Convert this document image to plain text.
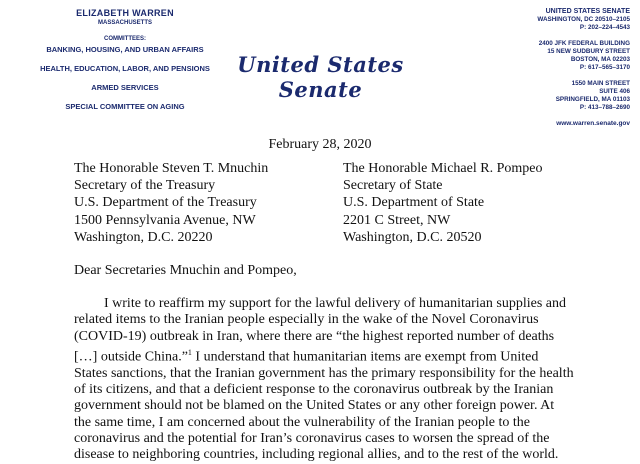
ELIZABETH WARREN
MASSACHUSETTS
COMMITTEES:
BANKING, HOUSING, AND URBAN AFFAIRS
HEALTH, EDUCATION, LABOR, AND PENSIONS
ARMED SERVICES
SPECIAL COMMITTEE ON AGING
United States Senate
UNITED STATES SENATE
WASHINGTON, DC 20510–2105
P: 202–224–4543
2400 JFK FEDERAL BUILDING
15 NEW SUDBURY STREET
BOSTON, MA 02203
P: 617–565–3170
1550 MAIN STREET
SUITE 406
SPRINGFIELD, MA 01103
P: 413–788–2690
www.warren.senate.gov
February 28, 2020
The Honorable Steven T. Mnuchin
Secretary of the Treasury
U.S. Department of the Treasury
1500 Pennsylvania Avenue, NW
Washington, D.C. 20220
The Honorable Michael R. Pompeo
Secretary of State
U.S. Department of State
2201 C Street, NW
Washington, D.C. 20520
Dear Secretaries Mnuchin and Pompeo,
I write to reaffirm my support for the lawful delivery of humanitarian supplies and related items to the Iranian people especially in the wake of the Novel Coronavirus (COVID-19) outbreak in Iran, where there are “the highest reported number of deaths […] outside China.”$^1$ I understand that humanitarian items are exempt from United States sanctions, that the Iranian government has the primary responsibility for the health of its citizens, and that a deficient response to the coronavirus outbreak by the Iranian government should not be blamed on the United States or any other foreign power. At the same time, I am concerned about the vulnerability of the Iranian people to the coronavirus and the potential for Iran’s coronavirus cases to worsen the spread of the disease to neighboring countries, including regional allies, and to the rest of the world.
